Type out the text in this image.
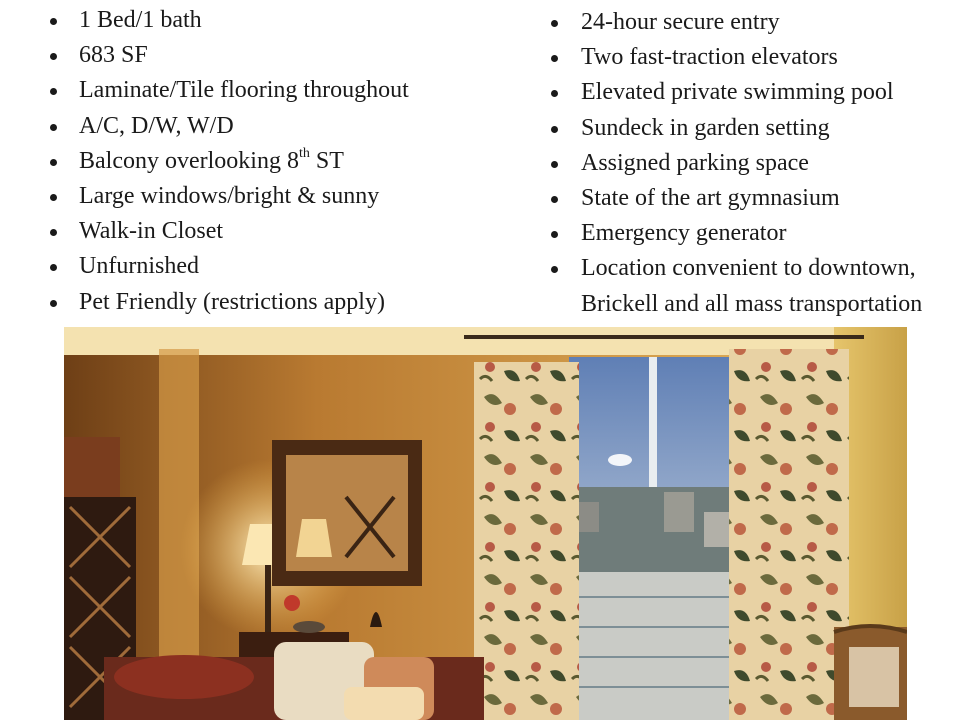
1 Bed/1 bath
683 SF
Laminate/Tile flooring throughout
A/C, D/W, W/D
Balcony overlooking 8th ST
Large windows/bright & sunny
Walk-in Closet
Unfurnished
Pet Friendly (restrictions apply)
24-hour secure entry
Two fast-traction elevators
Elevated private swimming pool
Sundeck in garden setting
Assigned parking space
State of the art gymnasium
Emergency generator
Location convenient to downtown,
Brickell and all mass transportation
